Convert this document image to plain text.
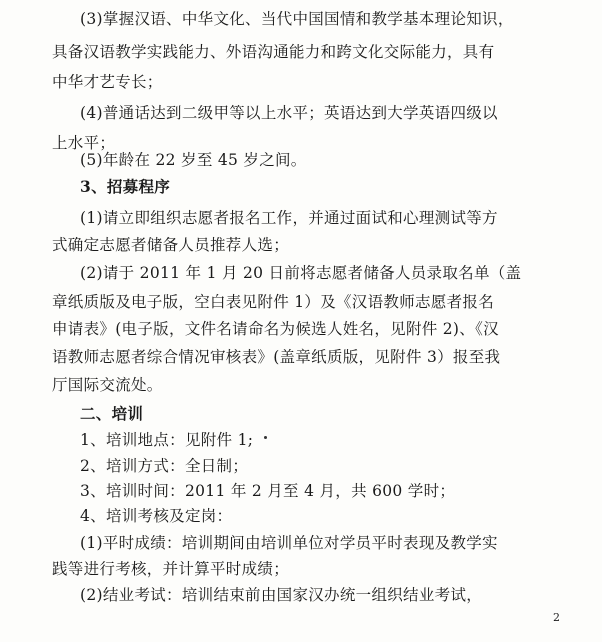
(3)掌握汉语、中华文化、当代中国国情和教学基本理论知识，
具备汉语教学实践能力、外语沟通能力和跨文化交际能力，具有
中华才艺专长；
(4)普通话达到二级甲等以上水平；英语达到大学英语四级以
上水平；
(5)年龄在 22 岁至 45 岁之间。
3、招募程序
(1)请立即组织志愿者报名工作，并通过面试和心理测试等方
式确定志愿者储备人员推荐人选；
(2)请于 2011 年 1 月 20 日前将志愿者储备人员录取名单（盖
章纸质版及电子版，空白表见附件 1）及《汉语教师志愿者报名
申请表》(电子版，文件名请命名为候选人姓名，见附件 2)、《汉
语教师志愿者综合情况审核表》(盖章纸质版，见附件 3）报至我
厅国际交流处。
二、培训
1、培训地点：见附件 1;
2、培训方式：全日制；
3、培训时间：2011 年 2 月至 4 月，共 600 学时；
4、培训考核及定岗：
(1)平时成绩：培训期间由培训单位对学员平时表现及教学实
践等进行考核，并计算平时成绩；
(2)结业考试：培训结束前由国家汉办统一组织结业考试，
2
